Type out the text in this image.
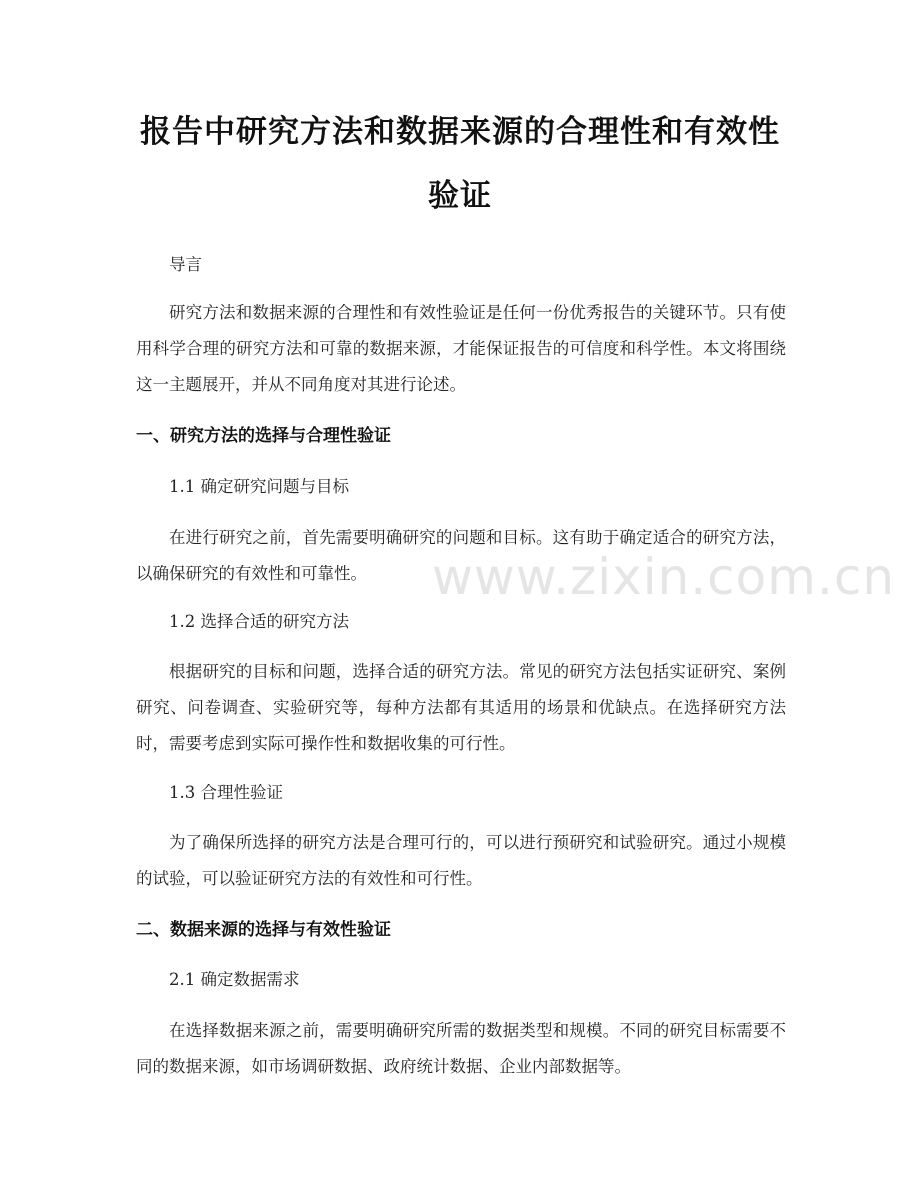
报告中研究方法和数据来源的合理性和有效性验证
导言
研究方法和数据来源的合理性和有效性验证是任何一份优秀报告的关键环节。只有使用科学合理的研究方法和可靠的数据来源，才能保证报告的可信度和科学性。本文将围绕这一主题展开，并从不同角度对其进行论述。
一、研究方法的选择与合理性验证
1.1 确定研究问题与目标
在进行研究之前，首先需要明确研究的问题和目标。这有助于确定适合的研究方法，以确保研究的有效性和可靠性。
1.2 选择合适的研究方法
根据研究的目标和问题，选择合适的研究方法。常见的研究方法包括实证研究、案例研究、问卷调查、实验研究等，每种方法都有其适用的场景和优缺点。在选择研究方法时，需要考虑到实际可操作性和数据收集的可行性。
1.3 合理性验证
为了确保所选择的研究方法是合理可行的，可以进行预研究和试验研究。通过小规模的试验，可以验证研究方法的有效性和可行性。
二、数据来源的选择与有效性验证
2.1 确定数据需求
在选择数据来源之前，需要明确研究所需的数据类型和规模。不同的研究目标需要不同的数据来源，如市场调研数据、政府统计数据、企业内部数据等。
www.zixin.com.cn
